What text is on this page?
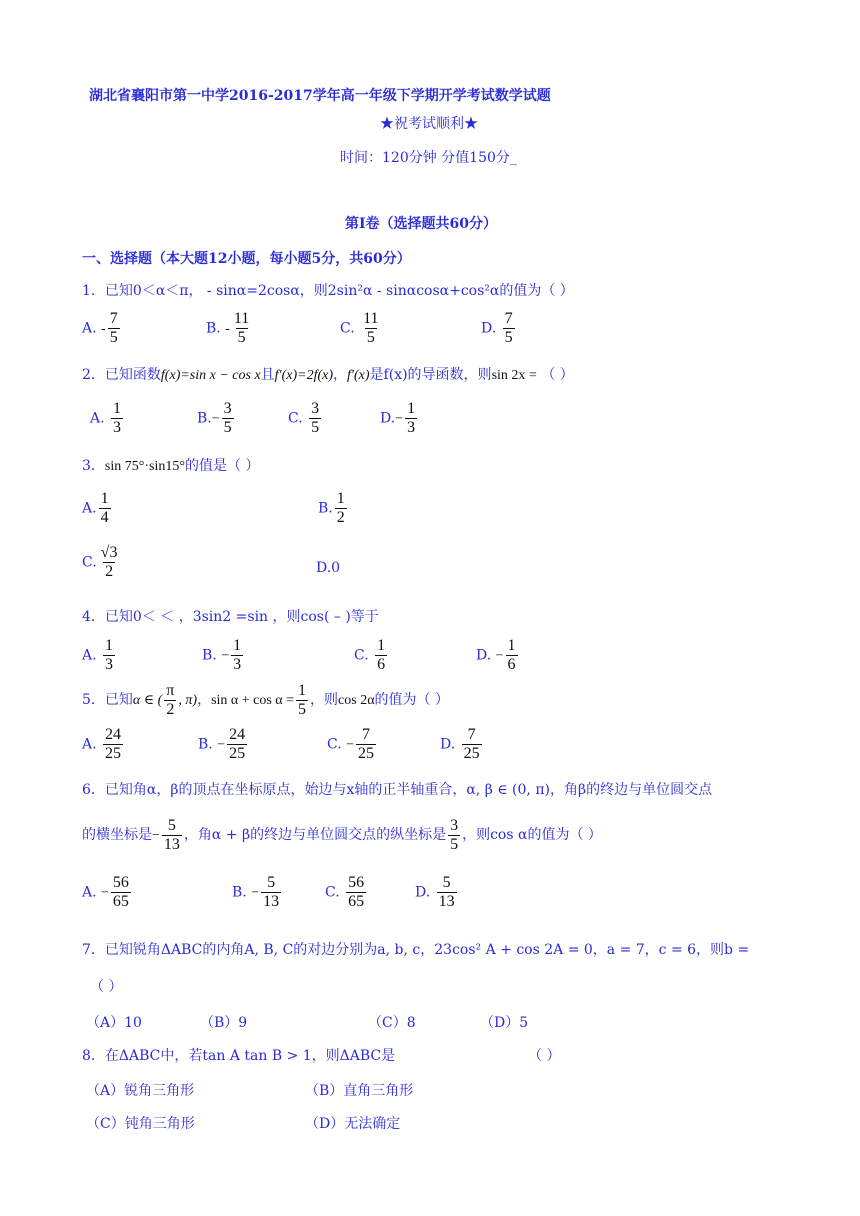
湖北省襄阳市第一中学2016-2017学年高一年级下学期开学考试数学试题
★祝考试顺利★
时间：120分钟 分值150分_
第Ⅰ卷（选择题共60分）
一、选择题（本大题12小题，每小题5分，共60分）
1．已知0＜α＜π， - sinα=2cosα，则2sin²α - sinαcosα+cos²α的值为（ ）
A. - $\frac{7}{5}$	B. - $\frac{11}{5}$	C. $\frac{11}{5}$	D. $\frac{7}{5}$
2．已知函数f(x)=sin x − cos x且f′(x)=2f(x)，f′(x)是f(x)的导函数，则sin 2x = （ ）
A. $\frac{1}{3}$	$B.- \frac{3}{5}$	C. $\frac{3}{5}$	$D.- \frac{1}{3}$
3．sin 75°·sin15°的值是（ ）
A. $\frac{1}{4}$	B. $\frac{1}{2}$
C. $\frac{√3}{2}$	D.0
4．已知0＜ ＜ ，3sin2 =sin ，则cos( – )等于
A. $\frac{1}{3}$	B. − $\frac{1}{3}$	C. $\frac{1}{6}$	D. − $\frac{1}{6}$
5．已知α ∈ ( $\frac{\pi}{2}$ , π)，$\sin \alpha + \cos \alpha = \frac{1}{5}$ ，则cos 2α的值为（ ）
A. $\frac{24}{25}$	B. − $\frac{24}{25}$	C. − $\frac{7}{25}$	D. $\frac{7}{25}$
6．已知角α，β的顶点在坐标原点，始边与x轴的正半轴重合，α, β ∈ (0, π)，角β的终边与单位圆交点
的横坐标是− $\frac{5}{13}$ ，角α + β的终边与单位圆交点的纵坐标是 $\frac{3}{5}$ ，则cos α的值为（ ）
A. − $\frac{56}{65}$	B. − $\frac{5}{13}$	C. $\frac{56}{65}$	D. $\frac{5}{13}$
7．已知锐角ΔABC的内角A, B, C的对边分别为a, b, c，23cos² A + cos 2A = 0，a = 7，c = 6，则b =
（ ）
（A）10	（B）9	（C）8	（D）5
8．在ΔABC中，若tan A tan B > 1，则ΔABC是	（ ）
（A）锐角三角形	（B）直角三角形
（C）钝角三角形	（D）无法确定
